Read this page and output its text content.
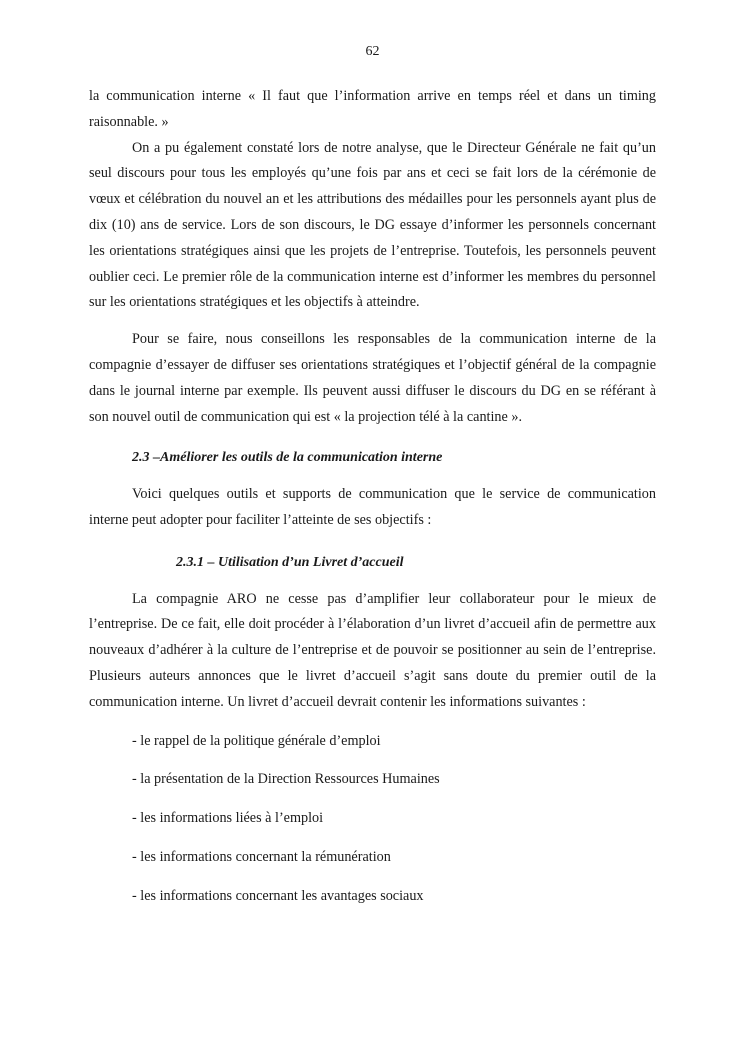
62

la communication interne « Il faut que l’information arrive en temps réel et dans un timing raisonnable. »

On a pu également constaté lors de notre analyse, que le Directeur Générale ne fait qu’un seul discours pour tous les employés qu’une fois par ans et ceci se fait lors de la cérémonie de vœux et célébration du nouvel an et les attributions des médailles pour les personnels ayant plus de dix (10) ans de service. Lors de son discours, le DG essaye d’informer les personnels concernant les orientations stratégiques ainsi que les projets de l’entreprise. Toutefois, les personnels peuvent oublier ceci. Le premier rôle de la communication interne est d’informer les membres du personnel sur les orientations stratégiques et les objectifs à atteindre.

Pour se faire, nous conseillons les responsables de la communication interne de la compagnie d’essayer de diffuser ses orientations stratégiques et l’objectif général de la compagnie dans le journal interne par exemple. Ils peuvent aussi diffuser le discours du DG en se référant à son nouvel outil de communication qui est « la projection télé à la cantine ».

2.3 –Améliorer les outils de la communication interne

Voici quelques outils et supports de communication que le service de communication interne peut adopter pour faciliter l’atteinte de ses objectifs :

2.3.1 – Utilisation d’un Livret d’accueil

La compagnie ARO ne cesse pas d’amplifier leur collaborateur pour le mieux de l’entreprise. De ce fait, elle doit procéder à l’élaboration d’un livret d’accueil afin de permettre aux nouveaux d’adhérer à la culture de l’entreprise et de pouvoir se positionner au sein de l’entreprise. Plusieurs auteurs annonces que le livret d’accueil s’agit sans doute du premier outil de la communication interne. Un livret d’accueil devrait contenir les informations suivantes :

- le rappel de la politique générale d’emploi

- la présentation de la Direction Ressources Humaines

- les informations liées à l’emploi

- les informations concernant la rémunération

- les informations concernant les avantages sociaux
